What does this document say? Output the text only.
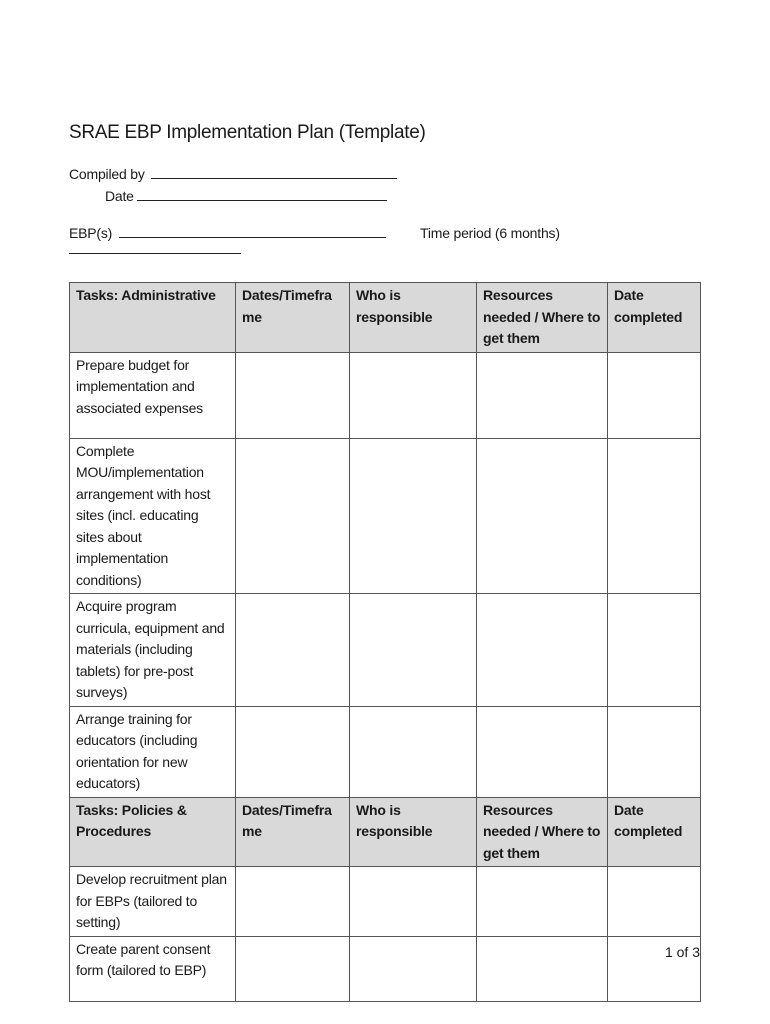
SRAE EBP Implementation Plan (Template)
Compiled by
Date
EBP(s)	Time period (6 months)
Tasks: Administrative	Dates/Timeframe	Who is responsible	Resources needed / Where to get them	Date completed
Prepare budget for implementation and associated expenses				
Complete MOU/implementation arrangement with host sites (incl. educating sites about implementation conditions)				
Acquire program curricula, equipment and materials (including tablets) for pre-post surveys)				
Arrange training for educators (including orientation for new educators)				
Tasks: Policies & Procedures	Dates/Timeframe	Who is responsible	Resources needed / Where to get them	Date completed
Develop recruitment plan for EBPs (tailored to setting)				
Create parent consent form (tailored to EBP)				
1 of 3
